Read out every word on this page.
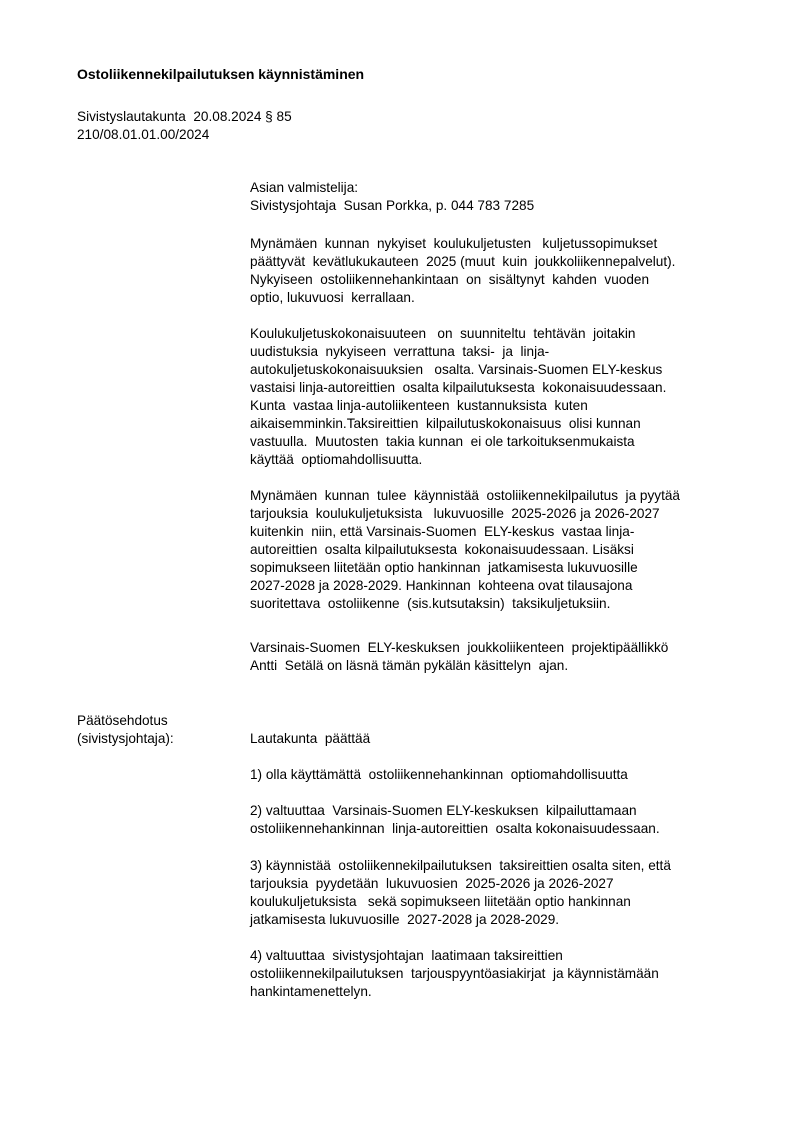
Ostoliikennekilpailutuksen käynnistäminen
Sivistyslautakunta  20.08.2024 § 85
210/08.01.01.00/2024
Asian valmistelija:
Sivistysjohtaja  Susan Porkka, p. 044 783 7285
Mynämäen  kunnan  nykyiset  koulukuljetusten   kuljetussopimukset
päättyvät  kevätlukukauteen  2025 (muut  kuin  joukkoliikennepalvelut).
Nykyiseen  ostoliikennehankintaan  on  sisältynyt  kahden  vuoden
optio, lukuvuosi  kerrallaan.
Koulukuljetuskokonaisuuteen   on  suunniteltu  tehtävän  joitakin
uudistuksia  nykyiseen  verrattuna  taksi-  ja  linja-
autokuljetuskokonaisuuksien   osalta. Varsinais-Suomen ELY-keskus
vastaisi linja-autoreittien  osalta kilpailutuksesta  kokonaisuudessaan.
Kunta  vastaa linja-autoliikenteen  kustannuksista  kuten
aikaisemminkin.Taksireittien  kilpailutuskokonaisuus  olisi kunnan
vastuulla.  Muutosten  takia kunnan  ei ole tarkoituksenmukaista
käyttää  optiomahdollisuutta.
Mynämäen  kunnan  tulee  käynnistää  ostoliikennekilpailutus  ja pyytää
tarjouksia  koulukuljetuksista   lukuvuosille  2025-2026 ja 2026-2027
kuitenkin  niin, että Varsinais-Suomen  ELY-keskus  vastaa linja-
autoreittien  osalta kilpailutuksesta  kokonaisuudessaan. Lisäksi
sopimukseen liitetään optio hankinnan  jatkamisesta lukuvuosille
2027-2028 ja 2028-2029. Hankinnan  kohteena ovat tilausajona
suoritettava  ostoliikenne  (sis.kutsutaksin)  taksikuljetuksiin.
Varsinais-Suomen  ELY-keskuksen  joukkoliikenteen  projektipäällikkö
Antti  Setälä on läsnä tämän pykälän käsittelyn  ajan.
Päätösehdotus
(sivistysjohtaja):	Lautakunta  päättää
1) olla käyttämättä  ostoliikennehankinnan  optiomahdollisuutta
2) valtuuttaa  Varsinais-Suomen ELY-keskuksen  kilpailuttamaan
ostoliikennehankinnan  linja-autoreittien  osalta kokonaisuudessaan.
3) käynnistää  ostoliikennekilpailutuksen  taksireittien osalta siten, että
tarjouksia  pyydetään  lukuvuosien  2025-2026 ja 2026-2027
koulukuljetuksista   sekä sopimukseen liitetään optio hankinnan
jatkamisesta lukuvuosille  2027-2028 ja 2028-2029.
4) valtuuttaa  sivistysjohtajan  laatimaan taksireittien
ostoliikennekilpailutuksen  tarjouspyyntöasiakirjat  ja käynnistämään
hankintamenettelyn.
